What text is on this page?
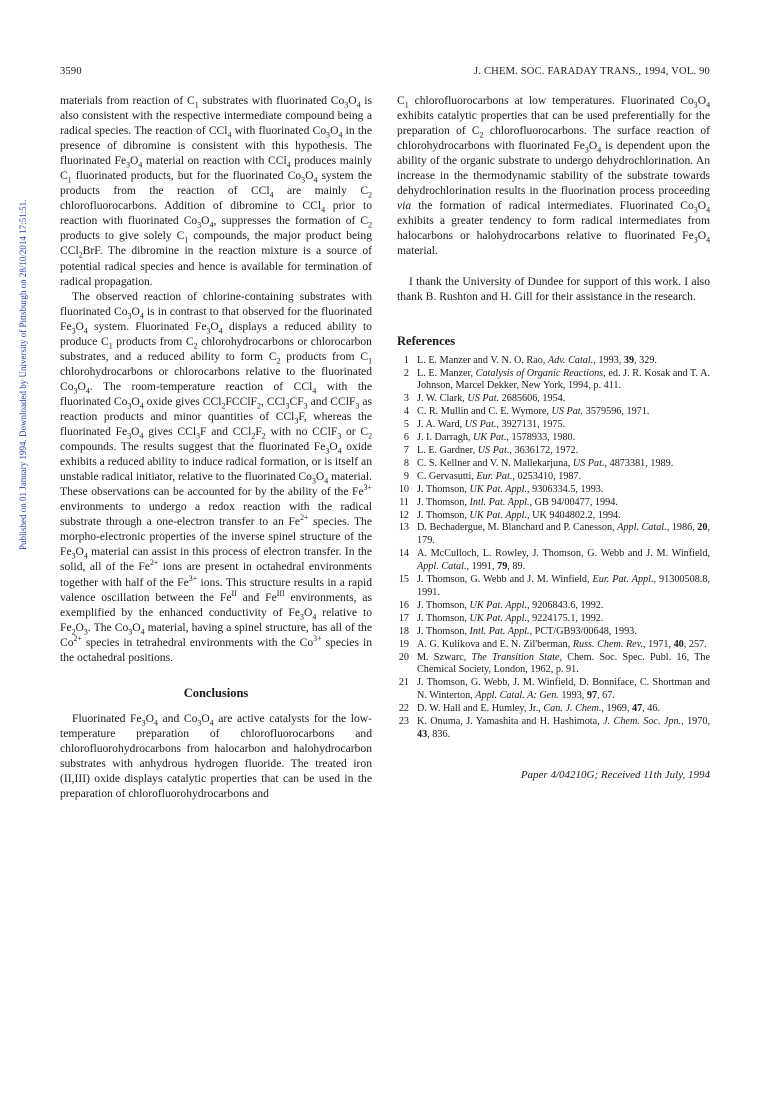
3590	J. CHEM. SOC. FARADAY TRANS., 1994, VOL. 90
Published on 01 January 1994. Downloaded by University of Pittsburgh on 28/10/2014 17:51:51.

materials from reaction of $C_1$ substrates with fluorinated $Co_3O_4$ is also consistent with the respective intermediate compound being a radical species. The reaction of CCl$_4$ with fluorinated $Co_3O_4$ in the presence of dibromine is consistent with this hypothesis. The fluorinated $Fe_3O_4$ material on reaction with CCl$_4$ produces mainly $C_1$ fluorinated products, but for the fluorinated $Co_3O_4$ system the products from the reaction of CCl$_4$ are mainly $C_2$ chlorofluorocarbons. Addition of dibromine to CCl$_4$ prior to reaction with fluorinated $Co_3O_4$, suppresses the formation of $C_2$ products to give solely $C_1$ compounds, the major product being CCl$_2$BrF. The dibromine in the reaction mixture is a source of potential radical species and hence is available for termination of radical propagation.

The observed reaction of chlorine-containing substrates with fluorinated $Co_3O_4$ is in contrast to that observed for the fluorinated $Fe_3O_4$ system. Fluorinated $Fe_3O_4$ displays a reduced ability to produce $C_1$ products from $C_2$ chlorohydrocarbons or chlorocarbon substrates, and a reduced ability to form $C_2$ products from $C_1$ chlorohydrocarbons or chlorocarbons relative to the fluorinated $Co_3O_4$. The room-temperature reaction of CCl$_4$ with the fluorinated $Co_3O_4$ oxide gives CCl$_2$FCClF$_2$, $CCl_3CF_3$ and CClF$_3$ as reaction products and minor quantities of CCl$_3$F, whereas the fluorinated $Fe_3O_4$ gives CCl$_3$F and $CCl_2F_2$ with no CClF$_3$ or $C_2$ compounds. The results suggest that the fluorinated $Fe_3O_4$ oxide exhibits a reduced ability to induce radical formation, or is itself an unstable radical initiator, relative to the fluorinated $Co_3O_4$ material. These observations can be accounted for by the ability of the $Fe^{3+}$ environments to undergo a redox reaction with the radical substrate through a one-electron transfer to an $Fe^{2+}$ species. The morpho-electronic properties of the inverse spinel structure of the $Fe_3O_4$ material can assist in this process of electron transfer. In the solid, all of the $Fe^{2+}$ ions are present in octahedral environments together with half of the $Fe^{3+}$ ions. This structure results in a rapid valence oscillation between the $Fe^{II}$ and $Fe^{III}$ environments, as exemplified by the enhanced conductivity of $Fe_3O_4$ relative to $Fe_2O_3$. The $Co_3O_4$ material, having a spinel structure, has all of the $Co^{2+}$ species in tetrahedral environments with the $Co^{3+}$ species in the octahedral positions.

Conclusions

Fluorinated $Fe_3O_4$ and $Co_3O_4$ are active catalysts for the low-temperature preparation of chlorofluorocarbons and chlorofluorohydrocarbons from halocarbon and halohydrocarbon substrates with anhydrous hydrogen fluoride. The treated iron (II,III) oxide displays catalytic properties that can be used in the preparation of chlorofluorohydrocarbons and

$C_1$ chlorofluorocarbons at low temperatures. Fluorinated $Co_3O_4$ exhibits catalytic properties that can be used preferentially for the preparation of $C_2$ chlorofluorocarbons. The surface reaction of chlorohydrocarbons with fluorinated $Fe_3O_4$ is dependent upon the ability of the organic substrate to undergo dehydrochlorination. An increase in the thermodynamic stability of the substrate towards dehydrochlorination results in the fluorination process proceeding via the formation of radical intermediates. Fluorinated $Co_3O_4$ exhibits a greater tendency to form radical intermediates from halocarbons or halohydrocarbons relative to fluorinated $Fe_3O_4$ material.

I thank the University of Dundee for support of this work. I also thank B. Rushton and H. Gill for their assistance in the research.

References
1 L. E. Manzer and V. N. O. Rao, Adv. Catal., 1993, 39, 329.
2 L. E. Manzer, Catalysis of Organic Reactions, ed. J. R. Kosak and T. A. Johnson, Marcel Dekker, New York, 1994, p. 411.
3 J. W. Clark, US Pat. 2685606, 1954.
4 C. R. Mullin and C. E. Wymore, US Pat. 3579596, 1971.
5 J. A. Ward, US Pat., 3927131, 1975.
6 J. I. Darragh, UK Pat., 1578933, 1980.
7 L. E. Gardner, US Pat., 3636172, 1972.
8 C. S. Kellner and V. N. Mallekarjuna, US Pat., 4873381, 1989.
9 C. Gervasutti, Eur. Pat., 0253410, 1987.
10 J. Thomson, UK Pat. Appl., 9306334.5, 1993.
11 J. Thomson, Intl. Pat. Appl., GB 94/00477, 1994.
12 J. Thomson, UK Pat. Appl., UK 9404802.2, 1994.
13 D. Bechadergue, M. Blanchard and P. Canesson, Appl. Catal., 1986, 20, 179.
14 A. McCulloch, L. Rowley, J. Thomson, G. Webb and J. M. Winfield, Appl. Catal., 1991, 79, 89.
15 J. Thomson, G. Webb and J. M. Winfield, Eur. Pat. Appl., 91300508.8, 1991.
16 J. Thomson, UK Pat. Appl., 9206843.6, 1992.
17 J. Thomson, UK Pat. Appl., 9224175.1, 1992.
18 J. Thomson, Intl. Pat. Appl., PCT/GB93/00648, 1993.
19 A. G. Kulikova and E. N. Zil'berman, Russ. Chem. Rev., 1971, 40, 257.
20 M. Szwarc, The Transition State, Chem. Soc. Spec. Publ. 16, The Chemical Society, London, 1962, p. 91.
21 J. Thomson, G. Webb, J. M. Winfield, D. Bonniface, C. Shortman and N. Winterton, Appl. Catal. A: Gen. 1993, 97, 67.
22 D. W. Hall and E. Humley, Jr., Can. J. Chem., 1969, 47, 46.
23 K. Onuma, J. Yamashita and H. Hashimota, J. Chem. Soc. Jpn., 1970, 43, 836.

Paper 4/04210G; Received 11th July, 1994
